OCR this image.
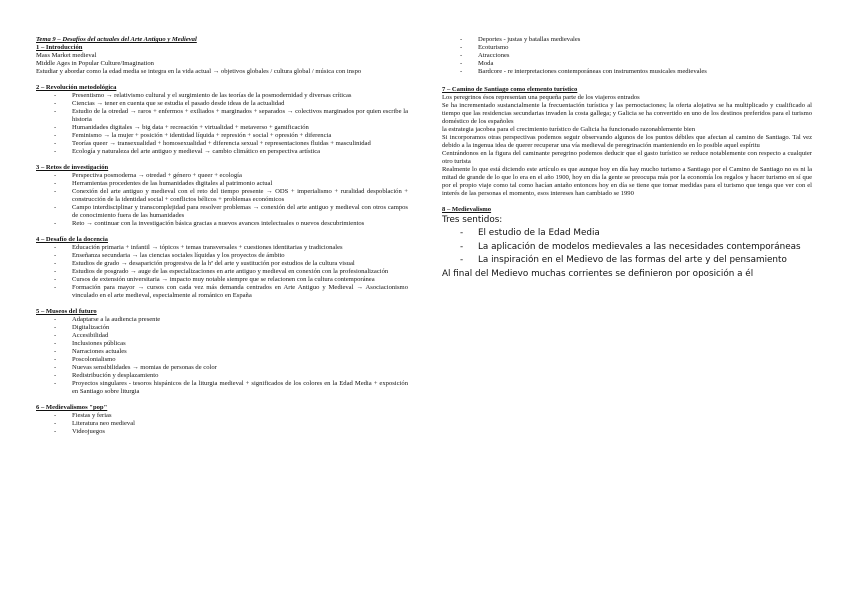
Tema 9 – Desafíos del actuales del Arte Antiguo y Medieval
1 – Introducción
Mass Market medieval
Middle Ages in Popular Culture/Imagination
Estudiar y abordar como la edad media se integra en la vida actual → objetivos globales / cultura global / música con inspo
2 – Revolución metodológica
- Presentismo → relativismo cultural y el surgimiento de las teorías de la posmodernidad y diversas críticas
- Ciencias → tener en cuenta que se estudia el pasado desde ideas de la actualidad
- Estudio de la otredad → raros + enfermos + exiliados + marginados + separados → colectivos marginados por quien escribe la historia
- Humanidades digitales → big data + recreación + virtualidad + metaverso + gamificación
- Feminismo → la mujer + posición + identidad líquida + represión + social + opresión + diferencia
- Teorías queer → transexualidad + homosexualidad + diferencia sexual + representaciones fluidas + masculinidad
- Ecología y naturaleza del arte antiguo y medieval → cambio climático en perspectiva artística
3 – Retos de investigación
- Perspectiva posmoderna → otredad + género + queer + ecología
- Herramientas procedentes de las humanidades digitales al patrimonio actual
- Conexión del arte antiguo y medieval con el reto del tiempo presente → ODS + imperialismo + ruralidad despoblación + construcción de la identidad social + conflictos bélicos + problemas económicos
- Campo interdisciplinar y transcomplejidad para resolver problemas → conexión del arte antiguo y medieval con otros campos de conocimiento fuera de las humanidades
- Reto → continuar con la investigación básica gracias a nuevos avances intelectuales o nuevos descubrimientos
4 – Desafío de la docencia
- Educación primaria + infantil → tópicos + temas transversales + cuestiones identitarias y tradicionales
- Enseñanza secundaria → las ciencias sociales líquidas y los proyectos de ámbito
- Estudios de grado → desaparición progresiva de la hª del arte y sustitución por estudios de la cultura visual
- Estudios de posgrado → auge de las especializaciones en arte antiguo y medieval en conexión con la profesionalización
- Cursos de extensión universitaria → impacto muy notable siempre que se relacionen con la cultura contemporánea
- Formación para mayor → cursos con cada vez más demanda centrados en Arte Antiguo y Medieval → Asociacionismo vinculado en el arte medieval, especialmente al románico en España
5 – Museos del futuro
- Adaptarse a la audiencia presente
- Digitalización
- Accesibilidad
- Inclusiones públicas
- Narraciones actuales
- Poscolonialismo
- Nuevas sensibilidades → momias de personas de color
- Redistribución y desplazamiento
- Proyectos singulares - tesoros hispánicos de la liturgia medieval + significados de los colores en la Edad Media + exposición en Santiago sobre liturgia
6 – Medievalismos "pop"
- Fiestas y ferias
- Literatura neo medieval
- Videojuegos
- Deportes - justas y batallas medievales
- Ecoturismo
- Atracciones
- Moda
- Bardcore - re interpretaciones contemporáneas con instrumentos musicales medievales
7 – Camino de Santiago como elemento turístico
Los peregrinos ésos representan una pequeña parte de los viajeros entrados
Se ha incrementado sustancialmente la frecuentación turística y las pernoctaciones; la oferta alojativa se ha multiplicado y cualificado al tiempo que las residencias secundarias invaden la costa gallega; y Galicia se ha convertido en uno de los destinos preferidos para el turismo doméstico de los españoles
la estrategia jacobea para el crecimiento turístico de Galicia ha funcionado razonablemente bien
Si incorporamos otras perspectivas podemos seguir observando algunos de los puntos débiles que afectan al camino de Santiago. Tal vez debido a la ingenua idea de querer recuperar una vía medieval de peregrinación manteniendo en lo posible aquel espíritu
Centrándonos en la figura del caminante peregrino podemos deducir que el gasto turístico se reduce notablemente con respecto a cualquier otro turista
Realmente lo que está diciendo este artículo es que aunque hoy en día hay mucho turismo a Santiago por el Camino de Santiago no es ni la mitad de grande de lo que lo era en el año 1900, hoy en día la gente se preocupa más por la economía los regalos y hacer turismo en sí que por el propio viaje como tal como hacían antaño entonces hoy en día se tiene que tomar medidas para el turismo que tenga que ver con el interés de las personas el momento, esos intereses han cambiado se 1990
8 – Medievalismo
Tres sentidos:
- El estudio de la Edad Media
- La aplicación de modelos medievales a las necesidades contemporáneas
- La inspiración en el Medievo de las formas del arte y del pensamiento
Al final del Medievo muchas corrientes se definieron por oposición a él
